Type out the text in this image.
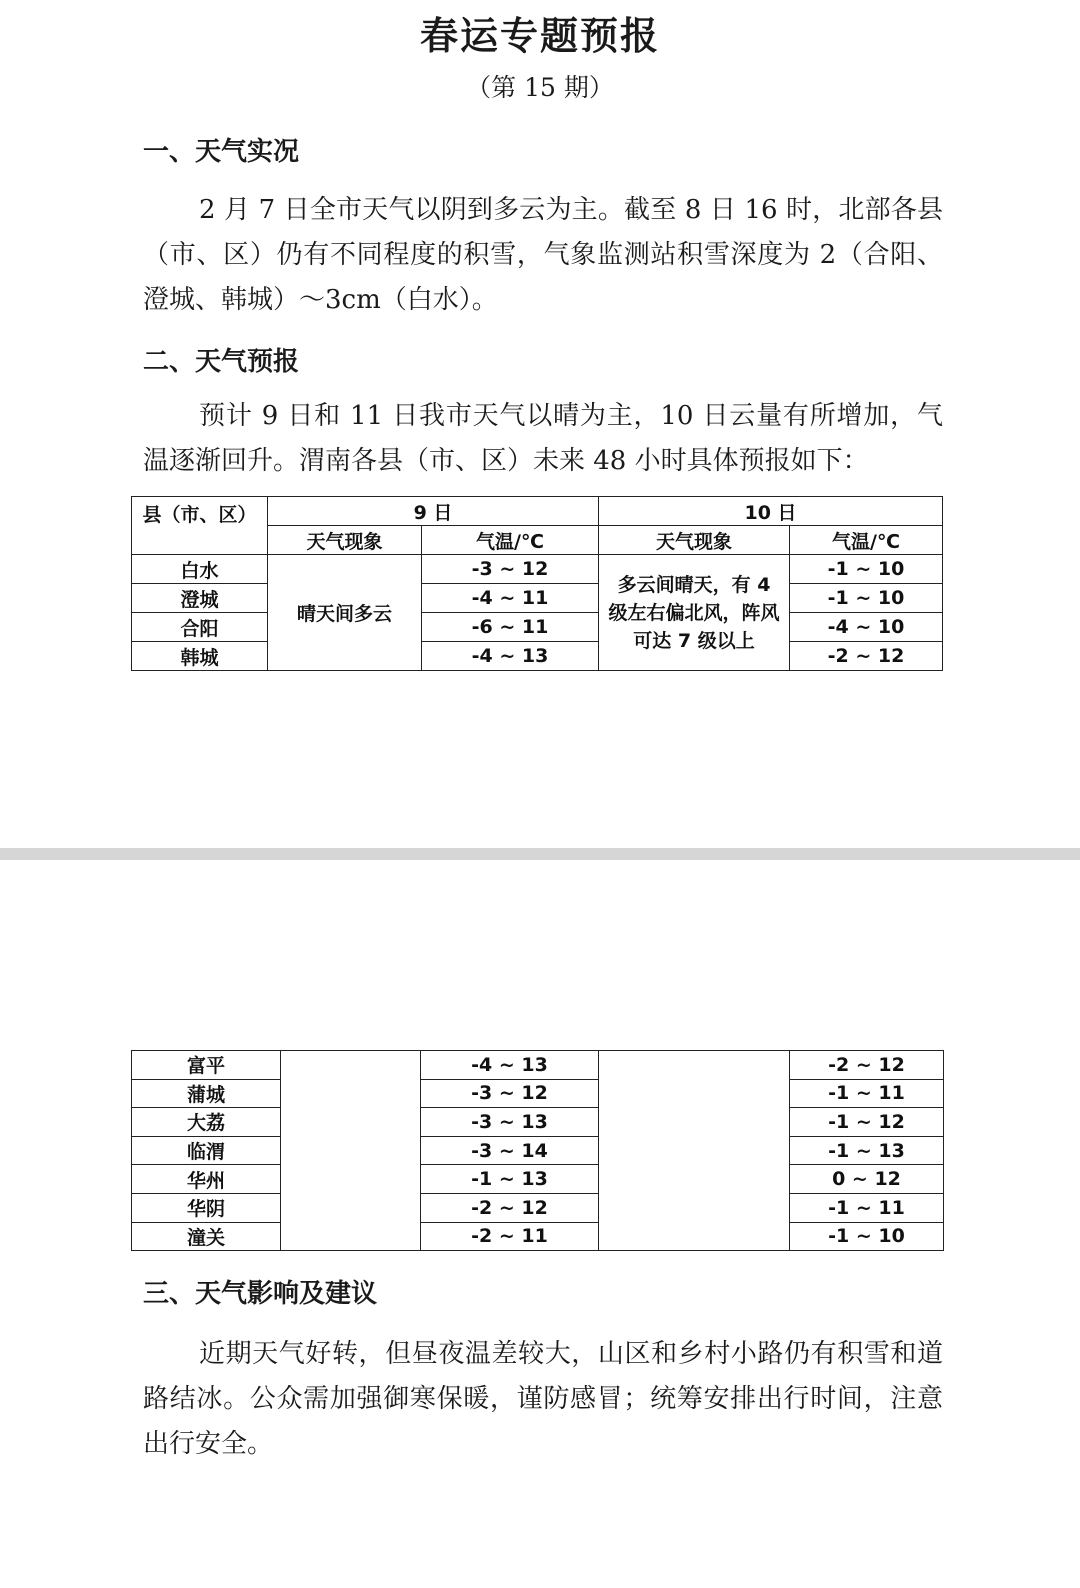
春运专题预报
（第 15 期）
一、天气实况

2 月 7 日全市天气以阴到多云为主。截至 8 日 16 时，北部各县（市、区）仍有不同程度的积雪，气象监测站积雪深度为 2（合阳、澄城、韩城）～3cm（白水）。

二、天气预报

预计 9 日和 11 日我市天气以晴为主，10 日云量有所增加，气温逐渐回升。渭南各县（市、区）未来 48 小时具体预报如下：

县（市、区）	9 日		10 日	
	天气现象	气温/℃	天气现象	气温/℃
白水	晴天间多云	-3 ~ 12	多云间晴天，有 4 级左右偏北风，阵风可达 7 级以上	-1 ~ 10
澄城		-4 ~ 11		-1 ~ 10
合阳		-6 ~ 11		-4 ~ 10
韩城		-4 ~ 13		-2 ~ 12
富平		-4 ~ 13		-2 ~ 12
蒲城		-3 ~ 12		-1 ~ 11
大荔		-3 ~ 13		-1 ~ 12
临渭		-3 ~ 14		-1 ~ 13
华州		-1 ~ 13		0 ~ 12
华阴		-2 ~ 12		-1 ~ 11
潼关		-2 ~ 11		-1 ~ 10
三、天气影响及建议

近期天气好转，但昼夜温差较大，山区和乡村小路仍有积雪和道路结冰。公众需加强御寒保暖，谨防感冒；统筹安排出行时间，注意出行安全。
